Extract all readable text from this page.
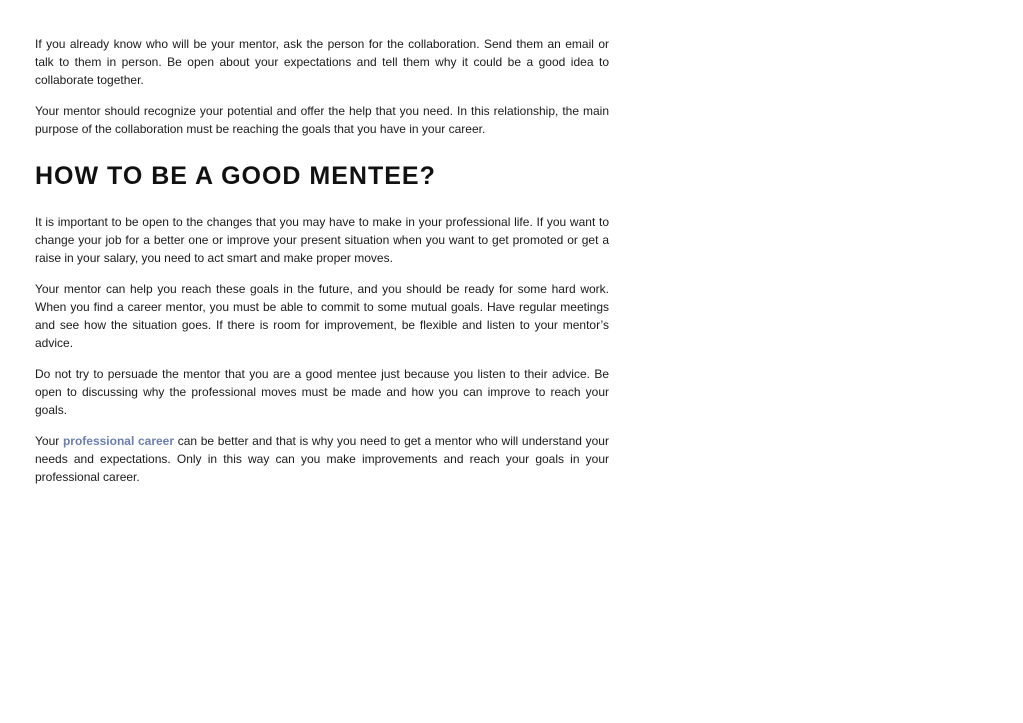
If you already know who will be your mentor, ask the person for the collaboration. Send them an email or talk to them in person. Be open about your expectations and tell them why it could be a good idea to collaborate together.

Your mentor should recognize your potential and offer the help that you need. In this relationship, the main purpose of the collaboration must be reaching the goals that you have in your career.

HOW TO BE A GOOD MENTEE?

It is important to be open to the changes that you may have to make in your professional life. If you want to change your job for a better one or improve your present situation when you want to get promoted or get a raise in your salary, you need to act smart and make proper moves.

Your mentor can help you reach these goals in the future, and you should be ready for some hard work. When you find a career mentor, you must be able to commit to some mutual goals. Have regular meetings and see how the situation goes. If there is room for improvement, be flexible and listen to your mentor’s advice.

Do not try to persuade the mentor that you are a good mentee just because you listen to their advice. Be open to discussing why the professional moves must be made and how you can improve to reach your goals.

Your professional career can be better and that is why you need to get a mentor who will understand your needs and expectations. Only in this way can you make improvements and reach your goals in your professional career.
